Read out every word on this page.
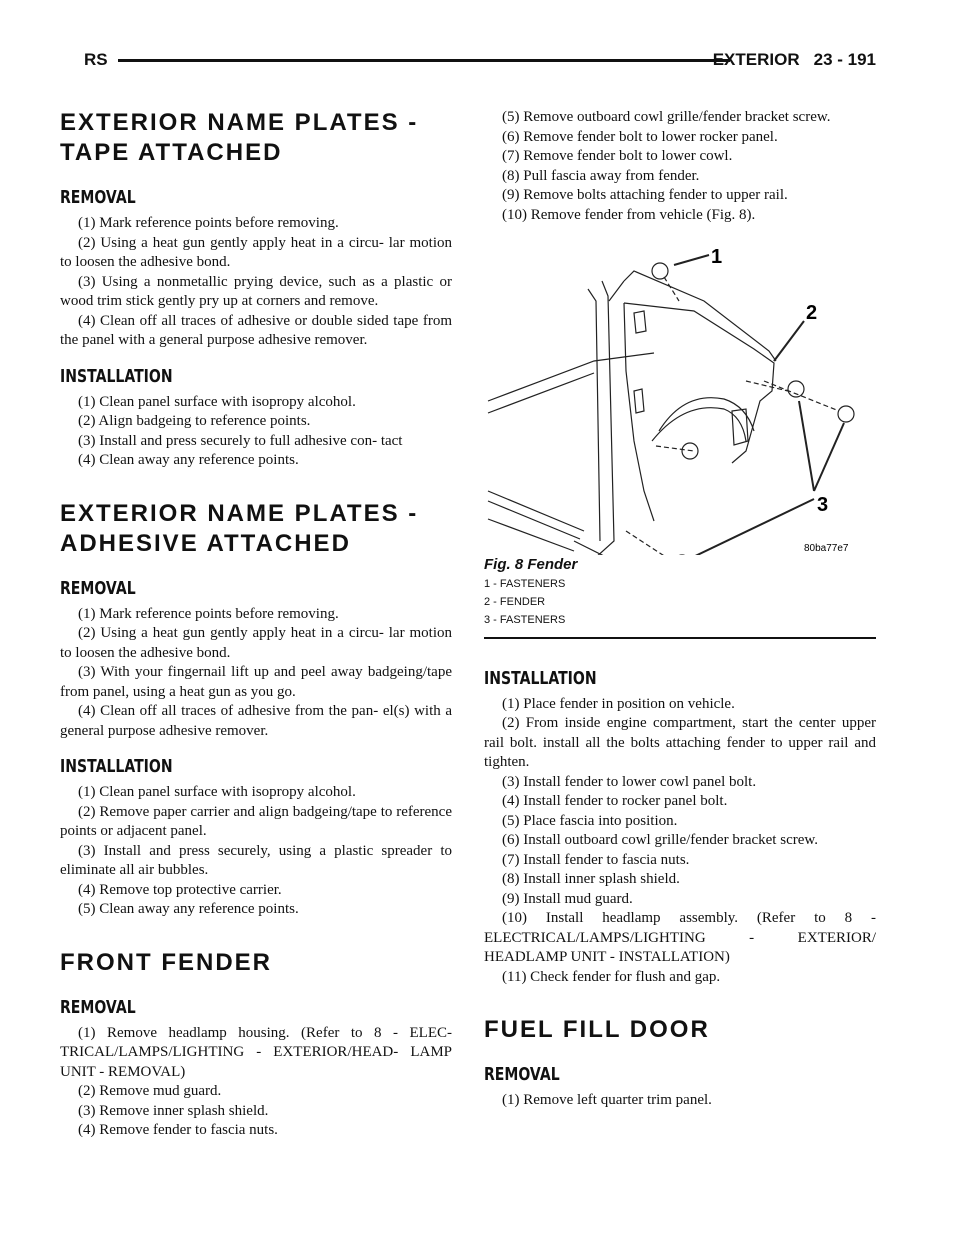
RS	EXTERIOR 23 - 191
EXTERIOR NAME PLATES -
TAPE ATTACHED
REMOVAL

(1) Mark reference points before removing.

(2) Using a heat gun gently apply heat in a circu- lar motion to loosen the adhesive bond.

(3) Using a nonmetallic prying device, such as a plastic or wood trim stick gently pry up at corners and remove.

(4) Clean off all traces of adhesive or double sided tape from the panel with a general purpose adhesive remover.

INSTALLATION

(1) Clean panel surface with isopropy alcohol.

(2) Align badgeing to reference points.

(3) Install and press securely to full adhesive con- tact

(4) Clean away any reference points.

EXTERIOR NAME PLATES -
ADHESIVE ATTACHED
REMOVAL

(1) Mark reference points before removing.

(2) Using a heat gun gently apply heat in a circu- lar motion to loosen the adhesive bond.

(3) With your fingernail lift up and peel away badgeing/tape from panel, using a heat gun as you go.

(4) Clean off all traces of adhesive from the pan- el(s) with a general purpose adhesive remover.

INSTALLATION

(1) Clean panel surface with isopropy alcohol.

(2) Remove paper carrier and align badgeing/tape to reference points or adjacent panel.

(3) Install and press securely, using a plastic spreader to eliminate all air bubbles.

(4) Remove top protective carrier.

(5) Clean away any reference points.

FRONT FENDER
REMOVAL

(1) Remove headlamp housing. (Refer to 8 - ELEC- TRICAL/LAMPS/LIGHTING - EXTERIOR/HEAD- LAMP UNIT - REMOVAL)

(2) Remove mud guard.

(3) Remove inner splash shield.

(4) Remove fender to fascia nuts.

(5) Remove outboard cowl grille/fender bracket screw.

(6) Remove fender bolt to lower rocker panel.

(7) Remove fender bolt to lower cowl.

(8) Pull fascia away from fender.

(9) Remove bolts attaching fender to upper rail.

(10) Remove fender from vehicle (Fig. 8).

1
2
3
80ba77e7
Fig. 8 Fender
1 - FASTENERS
2 - FENDER
3 - FASTENERS
INSTALLATION

(1) Place fender in position on vehicle.

(2) From inside engine compartment, start the center upper rail bolt. install all the bolts attaching fender to upper rail and tighten.

(3) Install fender to lower cowl panel bolt.

(4) Install fender to rocker panel bolt.

(5) Place fascia into position.

(6) Install outboard cowl grille/fender bracket screw.

(7) Install fender to fascia nuts.

(8) Install inner splash shield.

(9) Install mud guard.

(10) Install headlamp assembly. (Refer to 8 - ELECTRICAL/LAMPS/LIGHTING - EXTERIOR/ HEADLAMP UNIT - INSTALLATION)

(11) Check fender for flush and gap.

FUEL FILL DOOR
REMOVAL

(1) Remove left quarter trim panel.
